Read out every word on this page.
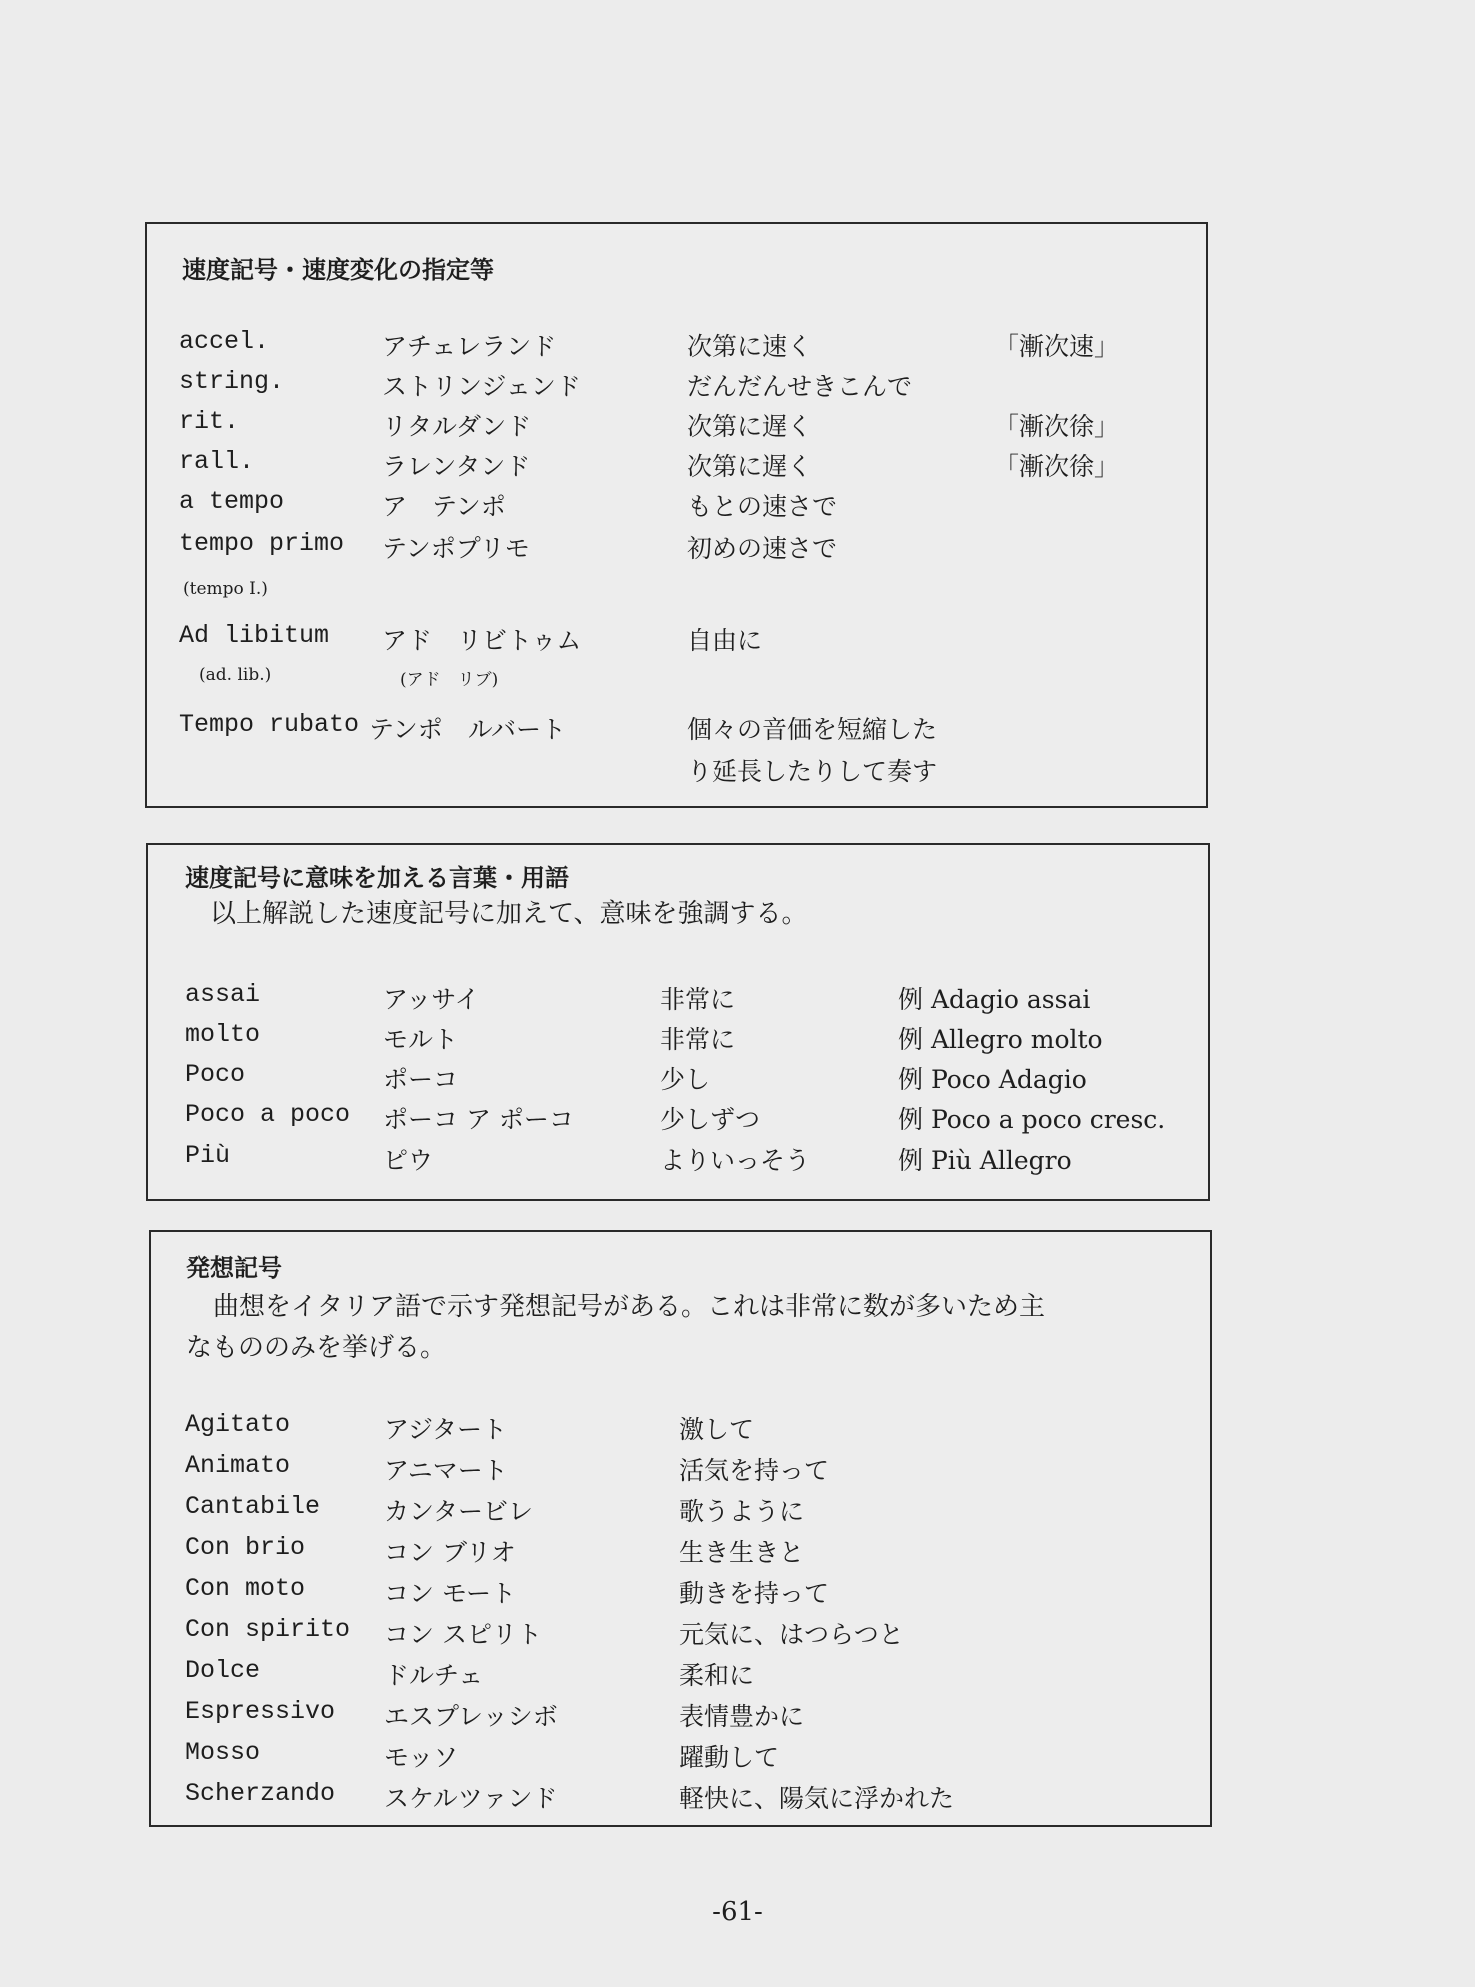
速度記号・速度変化の指定等
accel.	アチェレランド	次第に速く	「漸次速」
string.	ストリンジェンド	だんだんせきこんで
rit.	リタルダンド	次第に遅く	「漸次徐」
rall.	ラレンタンド	次第に遅く	「漸次徐」
a tempo	ア　テンポ	もとの速さで
tempo primo テンポプリモ	初めの速さで
(tempo Ⅰ.)
Ad libitum アド　リビトゥム	自由に
(ad. lib.)	(アド　リブ)
Tempo rubato テンポ　ルバート	個々の音価を短縮した
り延長したりして奏す
速度記号に意味を加える言葉・用語
以上解説した速度記号に加えて、意味を強調する。
assai	アッサイ	非常に	例 Adagio assai
molto	モルト	非常に	例 Allegro molto
Poco	ポーコ	少し	例 Poco Adagio
Poco a poco ポーコ ア ポーコ	少しずつ	例 Poco a poco cresc.
Più	ピウ	よりいっそう	例 Più Allegro
発想記号
曲想をイタリア語で示す発想記号がある。これは非常に数が多いため主
なもののみを挙げる。
Agitato	アジタート	激して
Animato	アニマート	活気を持って
Cantabile	カンタービレ	歌うように
Con brio	コン ブリオ	生き生きと
Con moto	コン モート	動きを持って
Con spirito コン スピリト	元気に、はつらつと
Dolce	ドルチェ	柔和に
Espressivo エスプレッシボ	表情豊かに
Mosso	モッソ	躍動して
Scherzando スケルツァンド	軽快に、陽気に浮かれた
-61-
